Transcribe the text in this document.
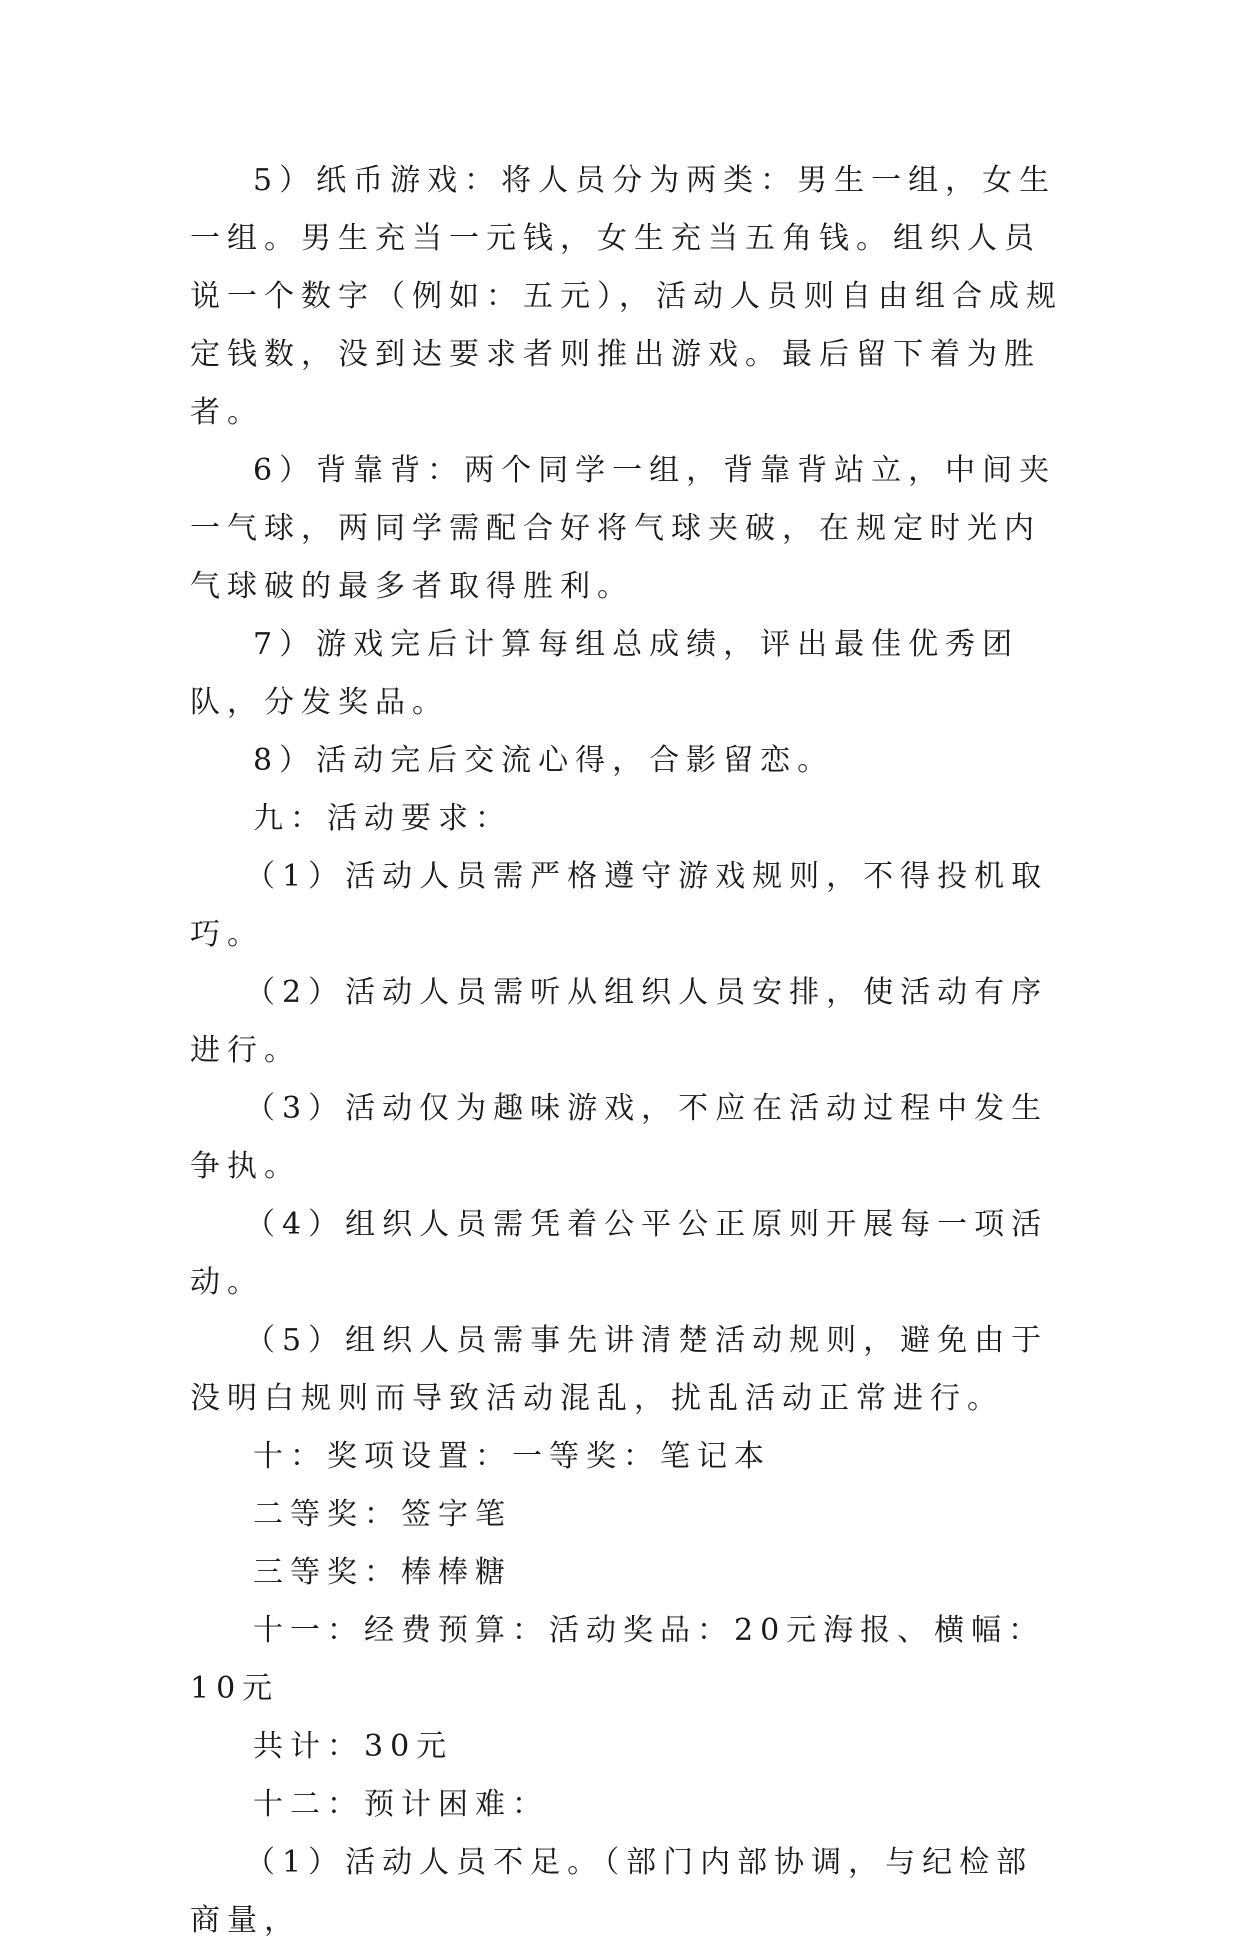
5）纸币游戏：将人员分为两类：男生一组，女生一组。男生充当一元钱，女生充当五角钱。组织人员说一个数字（例如：五元），活动人员则自由组合成规定钱数，没到达要求者则推出游戏。最后留下着为胜者。

6）背靠背：两个同学一组，背靠背站立，中间夹一气球，两同学需配合好将气球夹破，在规定时光内气球破的最多者取得胜利。

7）游戏完后计算每组总成绩，评出最佳优秀团队，分发奖品。

8）活动完后交流心得，合影留恋。

九：活动要求：

（1）活动人员需严格遵守游戏规则，不得投机取巧。

（2）活动人员需听从组织人员安排，使活动有序进行。

（3）活动仅为趣味游戏，不应在活动过程中发生争执。

（4）组织人员需凭着公平公正原则开展每一项活动。

（5）组织人员需事先讲清楚活动规则，避免由于没明白规则而导致活动混乱，扰乱活动正常进行。

十：奖项设置：一等奖：笔记本

二等奖：签字笔

三等奖：棒棒糖

十一：经费预算：活动奖品：20元海报、横幅：10元

共计：30元

十二：预计困难：

（1）活动人员不足。（部门内部协调，与纪检部商量，
